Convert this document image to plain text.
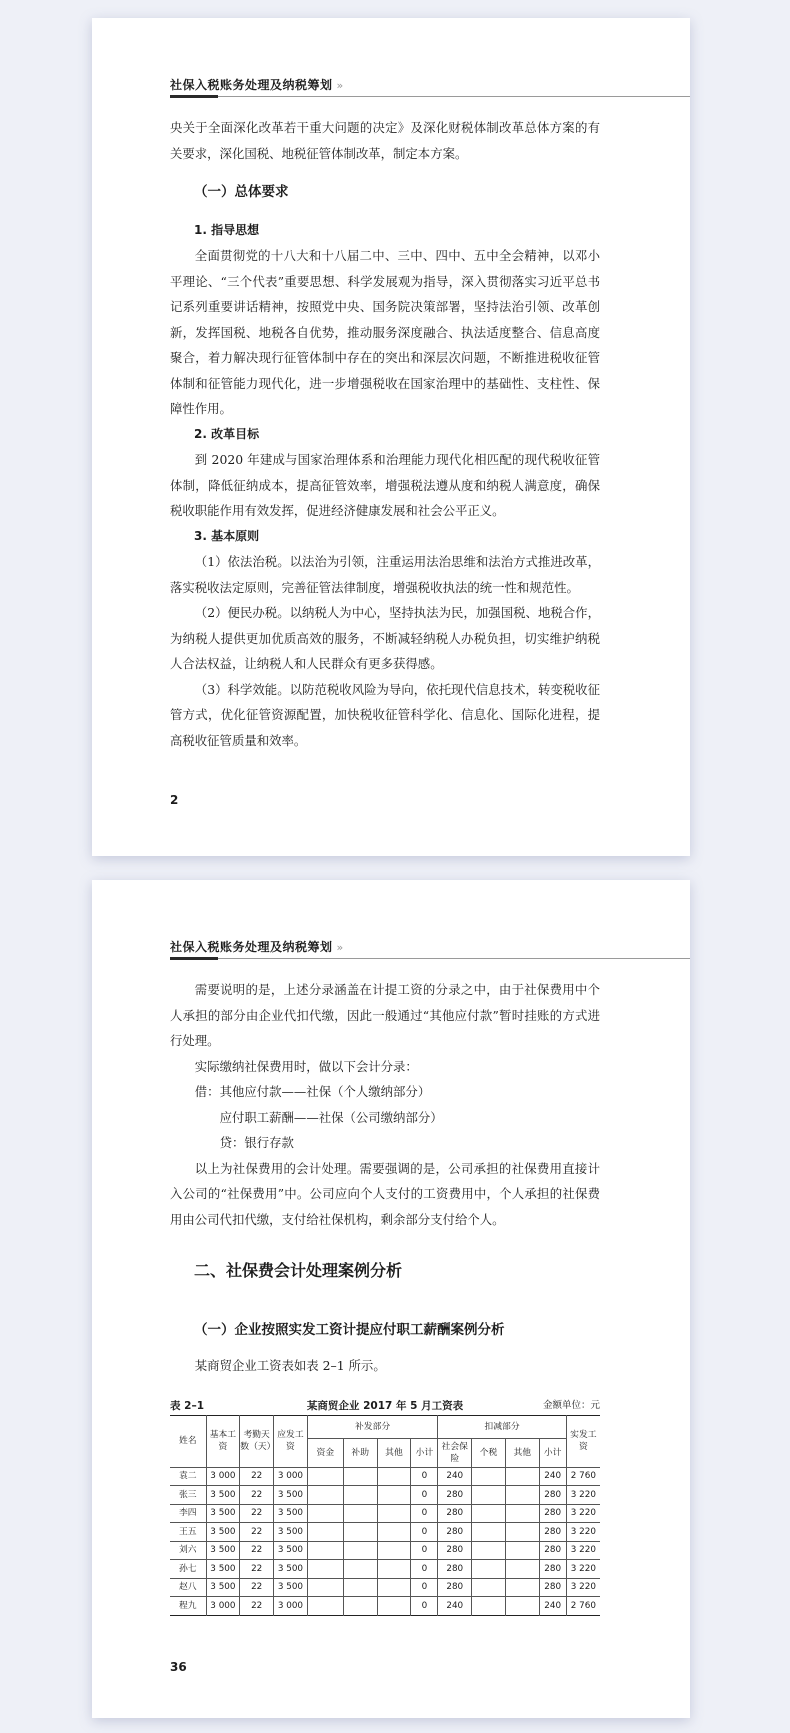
社保入税账务处理及纳税筹划 »

央关于全面深化改革若干重大问题的决定》及深化财税体制改革总体方案的有关要求，深化国税、地税征管体制改革，制定本方案。

（一）总体要求
1. 指导思想

全面贯彻党的十八大和十八届二中、三中、四中、五中全会精神，以邓小平理论、“三个代表”重要思想、科学发展观为指导，深入贯彻落实习近平总书记系列重要讲话精神，按照党中央、国务院决策部署，坚持法治引领、改革创新，发挥国税、地税各自优势，推动服务深度融合、执法适度整合、信息高度聚合，着力解决现行征管体制中存在的突出和深层次问题，不断推进税收征管体制和征管能力现代化，进一步增强税收在国家治理中的基础性、支柱性、保障性作用。

2. 改革目标

到 2020 年建成与国家治理体系和治理能力现代化相匹配的现代税收征管体制，降低征纳成本，提高征管效率，增强税法遵从度和纳税人满意度，确保税收职能作用有效发挥，促进经济健康发展和社会公平正义。

3. 基本原则

（1）依法治税。以法治为引领，注重运用法治思维和法治方式推进改革，落实税收法定原则，完善征管法律制度，增强税收执法的统一性和规范性。

（2）便民办税。以纳税人为中心，坚持执法为民，加强国税、地税合作，为纳税人提供更加优质高效的服务，不断减轻纳税人办税负担，切实维护纳税人合法权益，让纳税人和人民群众有更多获得感。

（3）科学效能。以防范税收风险为导向，依托现代信息技术，转变税收征管方式，优化征管资源配置，加快税收征管科学化、信息化、国际化进程，提高税收征管质量和效率。

2
社保入税账务处理及纳税筹划 »

需要说明的是，上述分录涵盖在计提工资的分录之中，由于社保费用中个人承担的部分由企业代扣代缴，因此一般通过“其他应付款”暂时挂账的方式进行处理。

实际缴纳社保费用时，做以下会计分录：

借：其他应付款——社保（个人缴纳部分）

应付职工薪酬——社保（公司缴纳部分）

贷：银行存款

以上为社保费用的会计处理。需要强调的是，公司承担的社保费用直接计入公司的“社保费用”中。公司应向个人支付的工资费用中，个人承担的社保费用由公司代扣代缴，支付给社保机构，剩余部分支付给个人。

二、社保费会计处理案例分析
（一）企业按照实发工资计提应付职工薪酬案例分析

某商贸企业工资表如表 2–1 所示。

某商贸企业 2017 年 5 月工资表
表 2–1	金额单位：元
姓名	基本工资	考勤天数（天）	应发工资	补发部分				扣减部分				实发工资
				资金	补助	其他	小计	社会保险	个税	其他	小计	
袁二	3 000	22	3 000				0	240			240	2 760
张三	3 500	22	3 500				0	280			280	3 220
李四	3 500	22	3 500				0	280			280	3 220
王五	3 500	22	3 500				0	280			280	3 220
刘六	3 500	22	3 500				0	280			280	3 220
孙七	3 500	22	3 500				0	280			280	3 220
赵八	3 500	22	3 500				0	280			280	3 220
程九	3 000	22	3 000				0	240			240	2 760
36
